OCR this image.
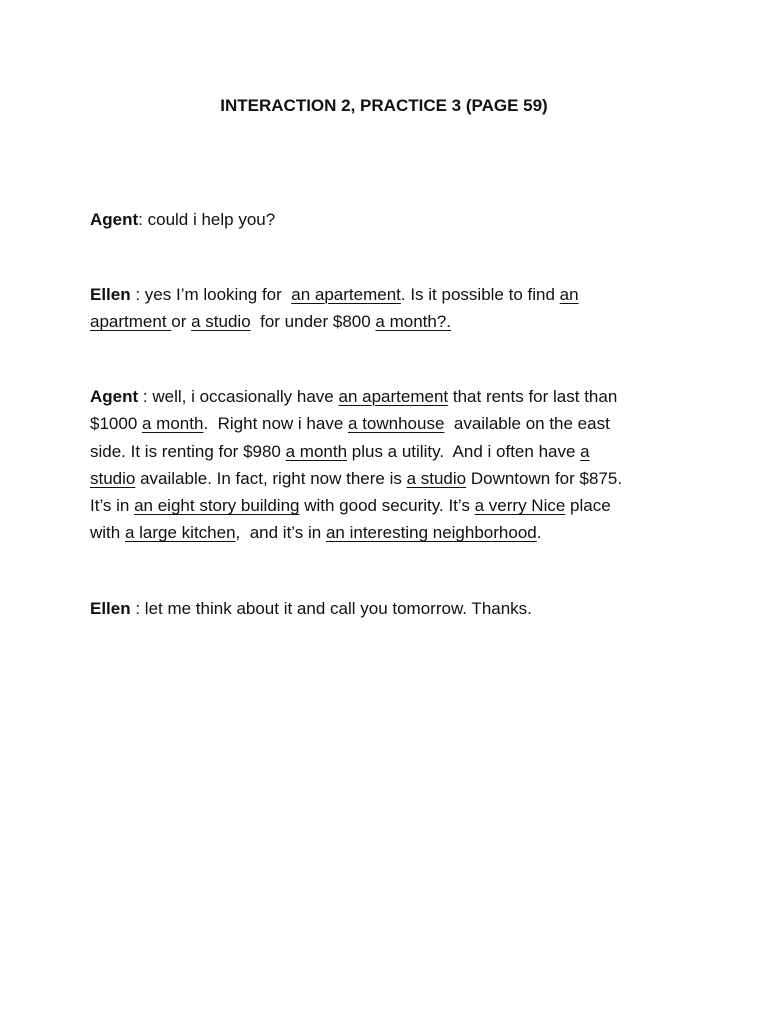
INTERACTION 2, PRACTICE 3 (PAGE 59)
Agent: could i help you?
Ellen : yes I’m looking for  an apartement. Is it possible to find an
apartment or a studio  for under $800 a month?.
Agent : well, i occasionally have an apartement that rents for last than
$1000 a month.  Right now i have a townhouse  available on the east
side. It is renting for $980 a month plus a utility.  And i often have a
studio available. In fact, right now there is a studio Downtown for $875.
It’s in an eight story building with good security. It’s a verry Nice place
with a large kitchen,  and it’s in an interesting neighborhood.
Ellen : let me think about it and call you tomorrow. Thanks.
